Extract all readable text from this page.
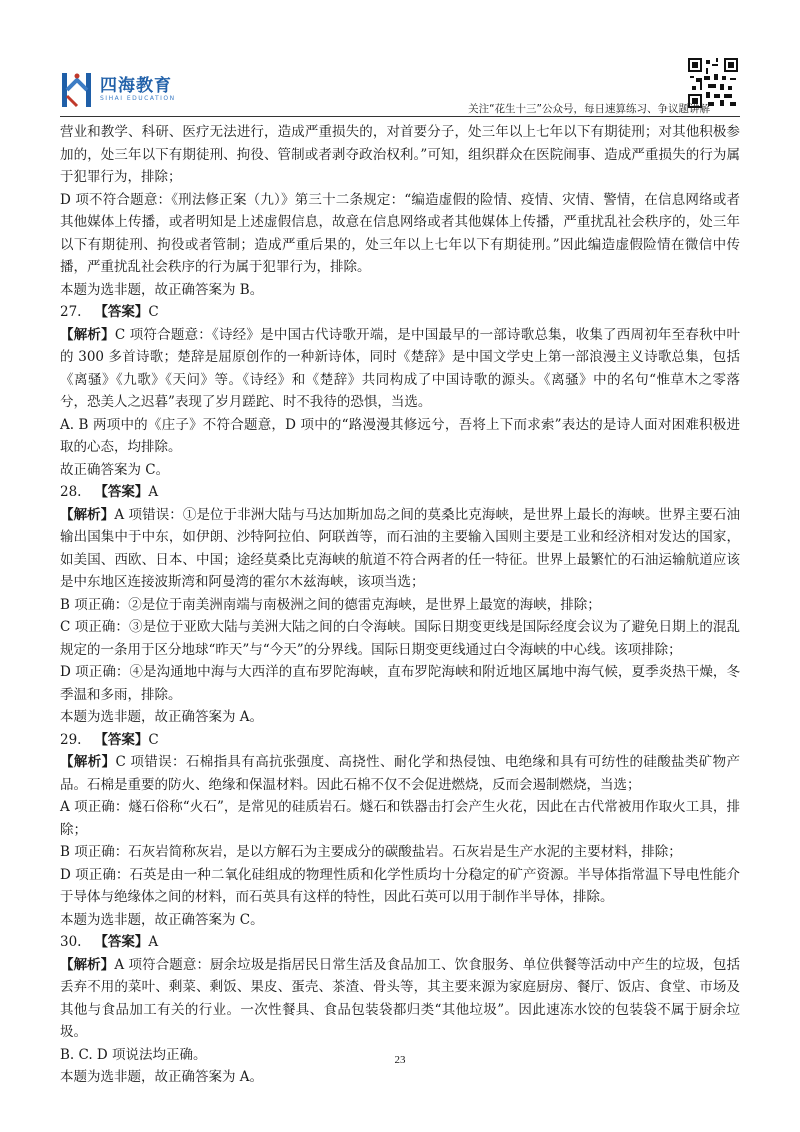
四海教育
SIHAI EDUCATION
关注“花生十三”公众号，每日速算练习、争议题讲解

营业和教学、科研、医疗无法进行，造成严重损失的，对首要分子，处三年以上七年以下有期徒刑；对其他积极参加的，处三年以下有期徒刑、拘役、管制或者剥夺政治权利。”可知，组织群众在医院闹事、造成严重损失的行为属于犯罪行为，排除；

D 项不符合题意：《刑法修正案（九）》第三十二条规定：“编造虚假的险情、疫情、灾情、警情，在信息网络或者其他媒体上传播，或者明知是上述虚假信息，故意在信息网络或者其他媒体上传播，严重扰乱社会秩序的，处三年以下有期徒刑、拘役或者管制；造成严重后果的，处三年以上七年以下有期徒刑。”因此编造虚假险情在微信中传播，严重扰乱社会秩序的行为属于犯罪行为，排除。

本题为选非题，故正确答案为 B。

27. 【答案】C

【解析】C 项符合题意：《诗经》是中国古代诗歌开端，是中国最早的一部诗歌总集，收集了西周初年至春秋中叶的 300 多首诗歌；楚辞是屈原创作的一种新诗体，同时《楚辞》是中国文学史上第一部浪漫主义诗歌总集，包括《离骚》《九歌》《天问》等。《诗经》和《楚辞》共同构成了中国诗歌的源头。《离骚》中的名句“惟草木之零落兮，恐美人之迟暮”表现了岁月蹉跎、时不我待的恐惧，当选。

A. B 两项中的《庄子》不符合题意，D 项中的“路漫漫其修远兮，吾将上下而求索”表达的是诗人面对困难积极进取的心态，均排除。

故正确答案为 C。

28. 【答案】A

【解析】A 项错误：①是位于非洲大陆与马达加斯加岛之间的莫桑比克海峡，是世界上最长的海峡。世界主要石油输出国集中于中东，如伊朗、沙特阿拉伯、阿联酋等，而石油的主要输入国则主要是工业和经济相对发达的国家，如美国、西欧、日本、中国；途经莫桑比克海峡的航道不符合两者的任一特征。世界上最繁忙的石油运输航道应该是中东地区连接波斯湾和阿曼湾的霍尔木兹海峡，该项当选；

B 项正确：②是位于南美洲南端与南极洲之间的德雷克海峡，是世界上最宽的海峡，排除；

C 项正确：③是位于亚欧大陆与美洲大陆之间的白令海峡。国际日期变更线是国际经度会议为了避免日期上的混乱规定的一条用于区分地球“昨天”与“今天”的分界线。国际日期变更线通过白令海峡的中心线。该项排除；

D 项正确：④是沟通地中海与大西洋的直布罗陀海峡，直布罗陀海峡和附近地区属地中海气候，夏季炎热干燥，冬季温和多雨，排除。

本题为选非题，故正确答案为 A。

29. 【答案】C

【解析】C 项错误：石棉指具有高抗张强度、高挠性、耐化学和热侵蚀、电绝缘和具有可纺性的硅酸盐类矿物产品。石棉是重要的防火、绝缘和保温材料。因此石棉不仅不会促进燃烧，反而会遏制燃烧，当选；

A 项正确：燧石俗称“火石”，是常见的硅质岩石。燧石和铁器击打会产生火花，因此在古代常被用作取火工具，排除；

B 项正确：石灰岩简称灰岩，是以方解石为主要成分的碳酸盐岩。石灰岩是生产水泥的主要材料，排除；

D 项正确：石英是由一种二氧化硅组成的物理性质和化学性质均十分稳定的矿产资源。半导体指常温下导电性能介于导体与绝缘体之间的材料，而石英具有这样的特性，因此石英可以用于制作半导体，排除。

本题为选非题，故正确答案为 C。

30. 【答案】A

【解析】A 项符合题意：厨余垃圾是指居民日常生活及食品加工、饮食服务、单位供餐等活动中产生的垃圾，包括丢弃不用的菜叶、剩菜、剩饭、果皮、蛋壳、茶渣、骨头等，其主要来源为家庭厨房、餐厅、饭店、食堂、市场及其他与食品加工有关的行业。一次性餐具、食品包装袋都归类“其他垃圾”。因此速冻水饺的包装袋不属于厨余垃圾。

B. C. D 项说法均正确。

本题为选非题，故正确答案为 A。

23
